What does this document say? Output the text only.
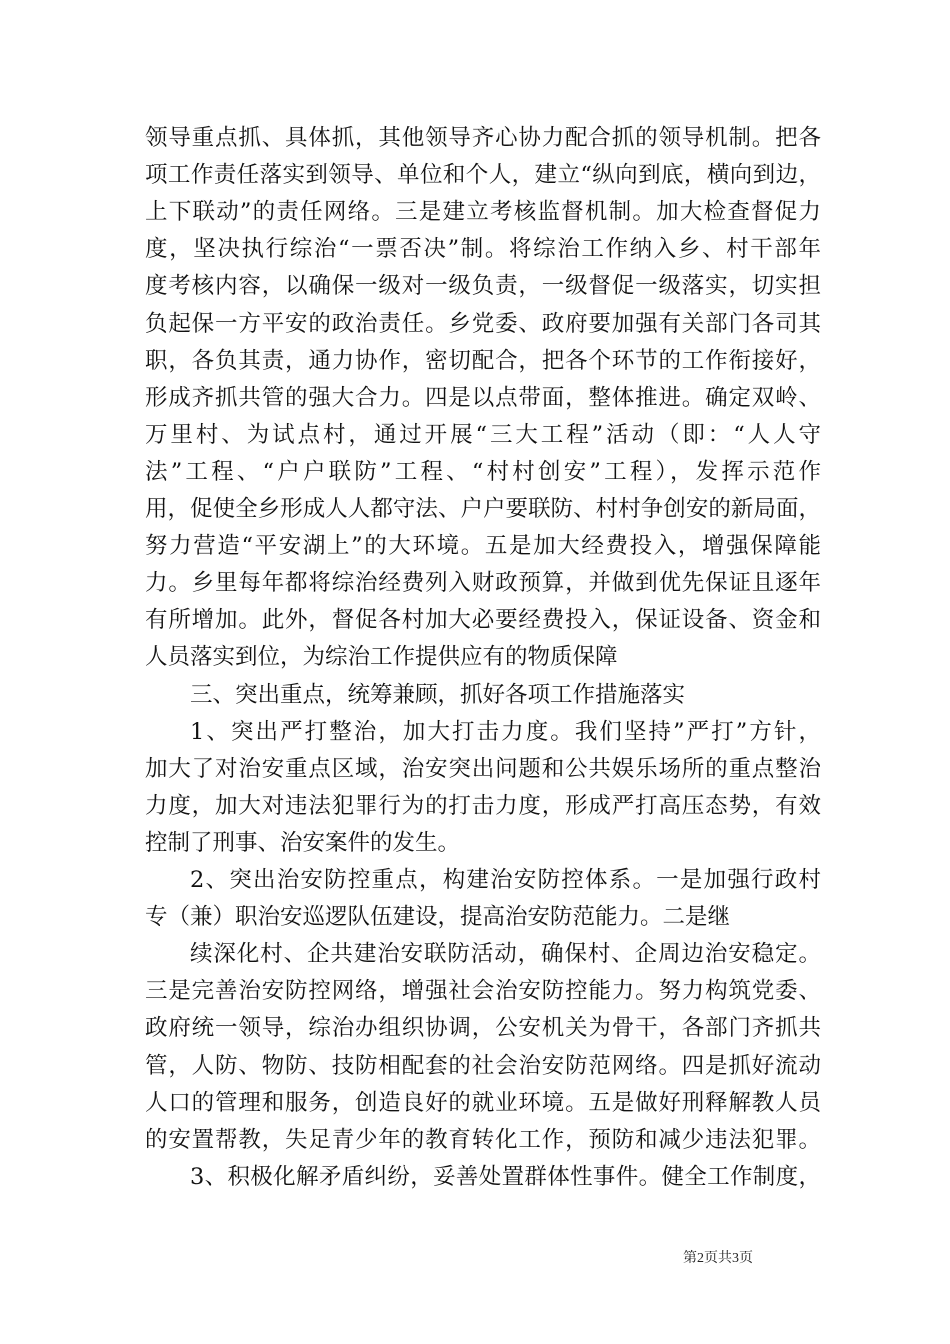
领导重点抓、具体抓，其他领导齐心协力配合抓的领导机制。把各
项工作责任落实到领导、单位和个人，建立“纵向到底，横向到边，
上下联动”的责任网络。三是建立考核监督机制。加大检查督促力
度，坚决执行综治“一票否决”制。将综治工作纳入乡、村干部年
度考核内容，以确保一级对一级负责，一级督促一级落实，切实担
负起保一方平安的政治责任。乡党委、政府要加强有关部门各司其
职，各负其责，通力协作，密切配合，把各个环节的工作衔接好，
形成齐抓共管的强大合力。四是以点带面，整体推进。确定双岭、
万里村、为试点村，通过开展“三大工程”活动（即：“人人守
法”工程、“户户联防”工程、“村村创安”工程），发挥示范作
用，促使全乡形成人人都守法、户户要联防、村村争创安的新局面，
努力营造“平安湖上”的大环境。五是加大经费投入，增强保障能
力。乡里每年都将综治经费列入财政预算，并做到优先保证且逐年
有所增加。此外，督促各村加大必要经费投入，保证设备、资金和
人员落实到位，为综治工作提供应有的物质保障
三、突出重点，统筹兼顾，抓好各项工作措施落实
1、突出严打整治，加大打击力度。我们坚持”严打”方针，
加大了对治安重点区域，治安突出问题和公共娱乐场所的重点整治
力度，加大对违法犯罪行为的打击力度，形成严打高压态势，有效
控制了刑事、治安案件的发生。
2、突出治安防控重点，构建治安防控体系。一是加强行政村
专（兼）职治安巡逻队伍建设，提高治安防范能力。二是继
续深化村、企共建治安联防活动，确保村、企周边治安稳定。
三是完善治安防控网络，增强社会治安防控能力。努力构筑党委、
政府统一领导，综治办组织协调，公安机关为骨干，各部门齐抓共
管，人防、物防、技防相配套的社会治安防范网络。四是抓好流动
人口的管理和服务，创造良好的就业环境。五是做好刑释解教人员
的安置帮教，失足青少年的教育转化工作，预防和减少违法犯罪。
3、积极化解矛盾纠纷，妥善处置群体性事件。健全工作制度，
第2页共3页
